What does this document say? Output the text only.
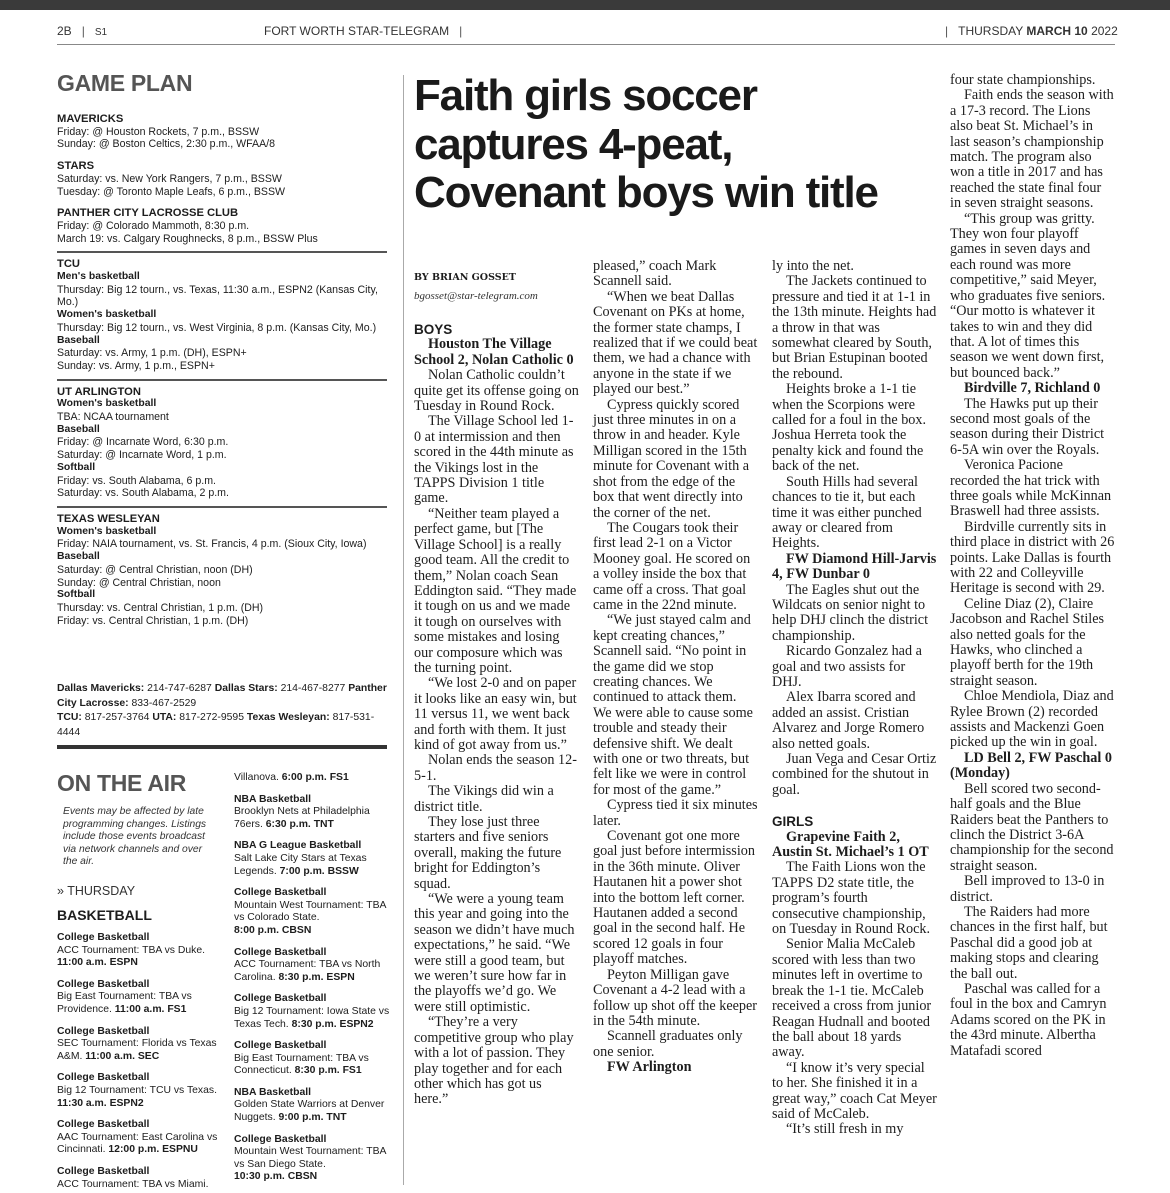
2B | S1	FORT WORTH STAR-TELEGRAM |	| THURSDAY MARCH 10 2022
GAME PLAN
MAVERICKS
Friday: @ Houston Rockets, 7 p.m., BSSW
Sunday: @ Boston Celtics, 2:30 p.m., WFAA/8
STARS
Saturday: vs. New York Rangers, 7 p.m., BSSW
Tuesday: @ Toronto Maple Leafs, 6 p.m., BSSW
PANTHER CITY LACROSSE CLUB
Friday: @ Colorado Mammoth, 8:30 p.m.
March 19: vs. Calgary Roughnecks, 8 p.m., BSSW Plus
TCU
Men's basketball
Thursday: Big 12 tourn., vs. Texas, 11:30 a.m., ESPN2 (Kansas City, Mo.)
Women's basketball
Thursday: Big 12 tourn., vs. West Virginia, 8 p.m. (Kansas City, Mo.)
Baseball
Saturday: vs. Army, 1 p.m. (DH), ESPN+
Sunday: vs. Army, 1 p.m., ESPN+
UT ARLINGTON
Women's basketball
TBA: NCAA tournament
Baseball
Friday: @ Incarnate Word, 6:30 p.m.
Saturday: @ Incarnate Word, 1 p.m.
Softball
Friday: vs. South Alabama, 6 p.m.
Saturday: vs. South Alabama, 2 p.m.
TEXAS WESLEYAN
Women's basketball
Friday: NAIA tournament, vs. St. Francis, 4 p.m. (Sioux City, Iowa)
Baseball
Saturday: @ Central Christian, noon (DH)
Sunday: @ Central Christian, noon
Softball
Thursday: vs. Central Christian, 1 p.m. (DH)
Friday: vs. Central Christian, 1 p.m. (DH)
Dallas Mavericks: 214-747-6287 Dallas Stars: 214-467-8277 Panther City Lacrosse: 833-467-2529
TCU: 817-257-3764 UTA: 817-272-9595 Texas Wesleyan: 817-531-4444
ON THE AIR
Events may be affected by late programming changes. Listings include those events broadcast via network channels and over the air.
» THURSDAY
BASKETBALL
College Basketball
ACC Tournament: TBA vs Duke.
11:00 a.m. ESPN
College Basketball
Big East Tournament: TBA vs Providence. 11:00 a.m. FS1
College Basketball
SEC Tournament: Florida vs Texas A&M. 11:00 a.m. SEC
College Basketball
Big 12 Tournament: TCU vs Texas. 11:30 a.m. ESPN2
College Basketball
AAC Tournament: East Carolina vs Cincinnati. 12:00 p.m. ESPNU
College Basketball
ACC Tournament: TBA vs Miami.
Villanova. 6:00 p.m. FS1
NBA Basketball
Brooklyn Nets at Philadelphia 76ers. 6:30 p.m. TNT
NBA G League Basketball
Salt Lake City Stars at Texas Legends. 7:00 p.m. BSSW
College Basketball
Mountain West Tournament: TBA vs Colorado State.
8:00 p.m. CBSN
College Basketball
ACC Tournament: TBA vs North Carolina. 8:30 p.m. ESPN
College Basketball
Big 12 Tournament: Iowa State vs Texas Tech. 8:30 p.m. ESPN2
College Basketball
Big East Tournament: TBA vs Connecticut. 8:30 p.m. FS1
NBA Basketball
Golden State Warriors at Denver Nuggets. 9:00 p.m. TNT
College Basketball
Mountain West Tournament: TBA vs San Diego State.
10:30 p.m. CBSN
Faith girls soccer captures 4-peat, Covenant boys win title
BY BRIAN GOSSET
bgosset@star-telegram.com

BOYS

Houston The Village School 2, Nolan Catholic 0

Nolan Catholic couldn’t quite get its offense going on Tuesday in Round Rock.

The Village School led 1-0 at intermission and then scored in the 44th minute as the Vikings lost in the TAPPS Division 1 title game.

“Neither team played a perfect game, but [The Village School] is a really good team. All the credit to them,” Nolan coach Sean Eddington said. “They made it tough on us and we made it tough on ourselves with some mistakes and losing our composure which was the turning point.

“We lost 2-0 and on paper it looks like an easy win, but 11 versus 11, we went back and forth with them. It just kind of got away from us.”

Nolan ends the season 12-5-1.

The Vikings did win a district title.

They lose just three starters and five seniors overall, making the future bright for Eddington’s squad.

“We were a young team this year and going into the season we didn’t have much expectations,” he said. “We were still a good team, but we weren’t sure how far in the playoffs we’d go. We were still optimistic.

“They’re a very competitive group who play with a lot of passion. They play together and for each other which has got us here.”

pleased,” coach Mark Scannell said.

“When we beat Dallas Covenant on PKs at home, the former state champs, I realized that if we could beat them, we had a chance with anyone in the state if we played our best.”

Cypress quickly scored just three minutes in on a throw in and header. Kyle Milligan scored in the 15th minute for Covenant with a shot from the edge of the box that went directly into the corner of the net.

The Cougars took their first lead 2-1 on a Victor Mooney goal. He scored on a volley inside the box that came off a cross. That goal came in the 22nd minute.

“We just stayed calm and kept creating chances,” Scannell said. “No point in the game did we stop creating chances. We continued to attack them. We were able to cause some trouble and steady their defensive shift. We dealt with one or two threats, but felt like we were in control for most of the game.”

Cypress tied it six minutes later.

Covenant got one more goal just before intermission in the 36th minute. Oliver Hautanen hit a power shot into the bottom left corner. Hautanen added a second goal in the second half. He scored 12 goals in four playoff matches.

Peyton Milligan gave Covenant a 4-2 lead with a follow up shot off the keeper in the 54th minute.

Scannell graduates only one senior.

FW Arlington

ly into the net.

The Jackets continued to pressure and tied it at 1-1 in the 13th minute. Heights had a throw in that was somewhat cleared by South, but Brian Estupinan booted the rebound.

Heights broke a 1-1 tie when the Scorpions were called for a foul in the box. Joshua Herreta took the penalty kick and found the back of the net.

South Hills had several chances to tie it, but each time it was either punched away or cleared from Heights.

FW Diamond Hill-Jarvis 4, FW Dunbar 0

The Eagles shut out the Wildcats on senior night to help DHJ clinch the district championship.

Ricardo Gonzalez had a goal and two assists for DHJ.

Alex Ibarra scored and added an assist. Cristian Alvarez and Jorge Romero also netted goals.

Juan Vega and Cesar Ortiz combined for the shutout in goal.

GIRLS

Grapevine Faith 2, Austin St. Michael’s 1 OT

The Faith Lions won the TAPPS D2 state title, the program’s fourth consecutive championship, on Tuesday in Round Rock.

Senior Malia McCaleb scored with less than two minutes left in overtime to break the 1-1 tie. McCaleb received a cross from junior Reagan Hudnall and booted the ball about 18 yards away.

“I know it’s very special to her. She finished it in a great way,” coach Cat Meyer said of McCaleb.

“It’s still fresh in my

four state championships.

Faith ends the season with a 17-3 record. The Lions also beat St. Michael’s in last season’s championship match. The program also won a title in 2017 and has reached the state final four in seven straight seasons.

“This group was gritty. They won four playoff games in seven days and each round was more competitive,” said Meyer, who graduates five seniors. “Our motto is whatever it takes to win and they did that. A lot of times this season we went down first, but bounced back.”

Birdville 7, Richland 0

The Hawks put up their second most goals of the season during their District 6-5A win over the Royals.

Veronica Pacione recorded the hat trick with three goals while McKinnan Braswell had three assists.

Birdville currently sits in third place in district with 26 points. Lake Dallas is fourth with 22 and Colleyville Heritage is second with 29.

Celine Diaz (2), Claire Jacobson and Rachel Stiles also netted goals for the Hawks, who clinched a playoff berth for the 19th straight season.

Chloe Mendiola, Diaz and Rylee Brown (2) recorded assists and Mackenzi Goen picked up the win in goal.

LD Bell 2, FW Paschal 0 (Monday)

Bell scored two second-half goals and the Blue Raiders beat the Panthers to clinch the District 3-6A championship for the second straight season.

Bell improved to 13-0 in district.

The Raiders had more chances in the first half, but Paschal did a good job at making stops and clearing the ball out.

Paschal was called for a foul in the box and Camryn Adams scored on the PK in the 43rd minute. Albertha Matafadi scored
